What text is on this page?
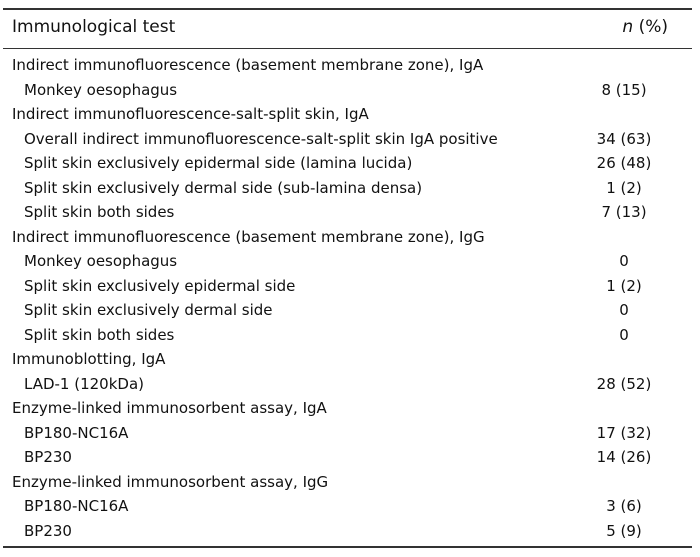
Immunological test	n (%)
Indirect immunofluorescence (basement membrane zone), IgA
Monkey oesophagus	8 (15)
Indirect immunofluorescence-salt-split skin, IgA
Overall indirect immunofluorescence-salt-split skin IgA positive	34 (63)
Split skin exclusively epidermal side (lamina lucida)	26 (48)
Split skin exclusively dermal side (sub-lamina densa)	1 (2)
Split skin both sides	7 (13)
Indirect immunofluorescence (basement membrane zone), IgG
Monkey oesophagus	0
Split skin exclusively epidermal side	1 (2)
Split skin exclusively dermal side	0
Split skin both sides	0
Immunoblotting, IgA
LAD-1 (120kDa)	28 (52)
Enzyme-linked immunosorbent assay, IgA
BP180-NC16A	17 (32)
BP230	14 (26)
Enzyme-linked immunosorbent assay, IgG
BP180-NC16A	3 (6)
BP230	5 (9)
